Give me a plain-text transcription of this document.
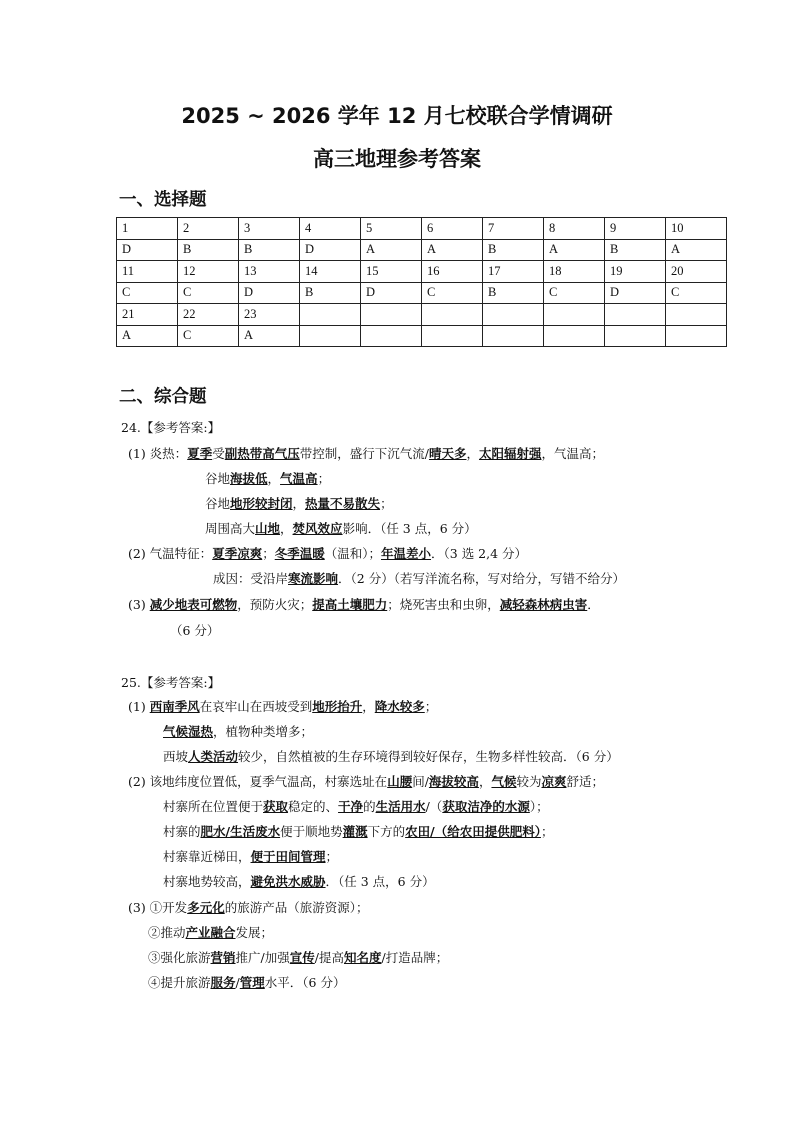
2025 ~ 2026 学年 12 月七校联合学情调研
高三地理参考答案
一、选择题
1	2	3	4	5	6	7	8	9	10
D	B	B	D	A	A	B	A	B	A
11	12	13	14	15	16	17	18	19	20
C	C	D	B	D	C	B	C	D	C
21	22	23							
A	C	A							
二、综合题
24.【参考答案:】
(1) 炎热：夏季受副热带高气压带控制，盛行下沉气流/晴天多，太阳辐射强，气温高；
谷地海拔低，气温高；
谷地地形较封闭，热量不易散失；
周围高大山地，焚风效应影响．（任 3 点，6 分）
(2) 气温特征：夏季凉爽；冬季温暖（温和）；年温差小．（3 选 2,4 分）
成因：受沿岸寒流影响．（2 分）（若写洋流名称，写对给分，写错不给分）
(3) 减少地表可燃物，预防火灾；提高土壤肥力；烧死害虫和虫卵，减轻森林病虫害．
（6 分）
25.【参考答案:】
(1) 西南季风在哀牢山在西坡受到地形抬升，降水较多；
气候湿热，植物种类增多；
西坡人类活动较少，自然植被的生存环境得到较好保存，生物多样性较高．（6 分）
(2) 该地纬度位置低，夏季气温高，村寨选址在山腰间/海拔较高，气候较为凉爽舒适；
村寨所在位置便于获取稳定的、干净的生活用水/（获取洁净的水源）；
村寨的肥水/生活废水便于顺地势灌溉下方的农田/（给农田提供肥料）；
村寨靠近梯田，便于田间管理；
村寨地势较高，避免洪水威胁．（任 3 点，6 分）
(3) ①开发多元化的旅游产品（旅游资源）；
②推动产业融合发展；
③强化旅游营销推广/加强宣传/提高知名度/打造品牌；
④提升旅游服务/管理水平．（6 分）
